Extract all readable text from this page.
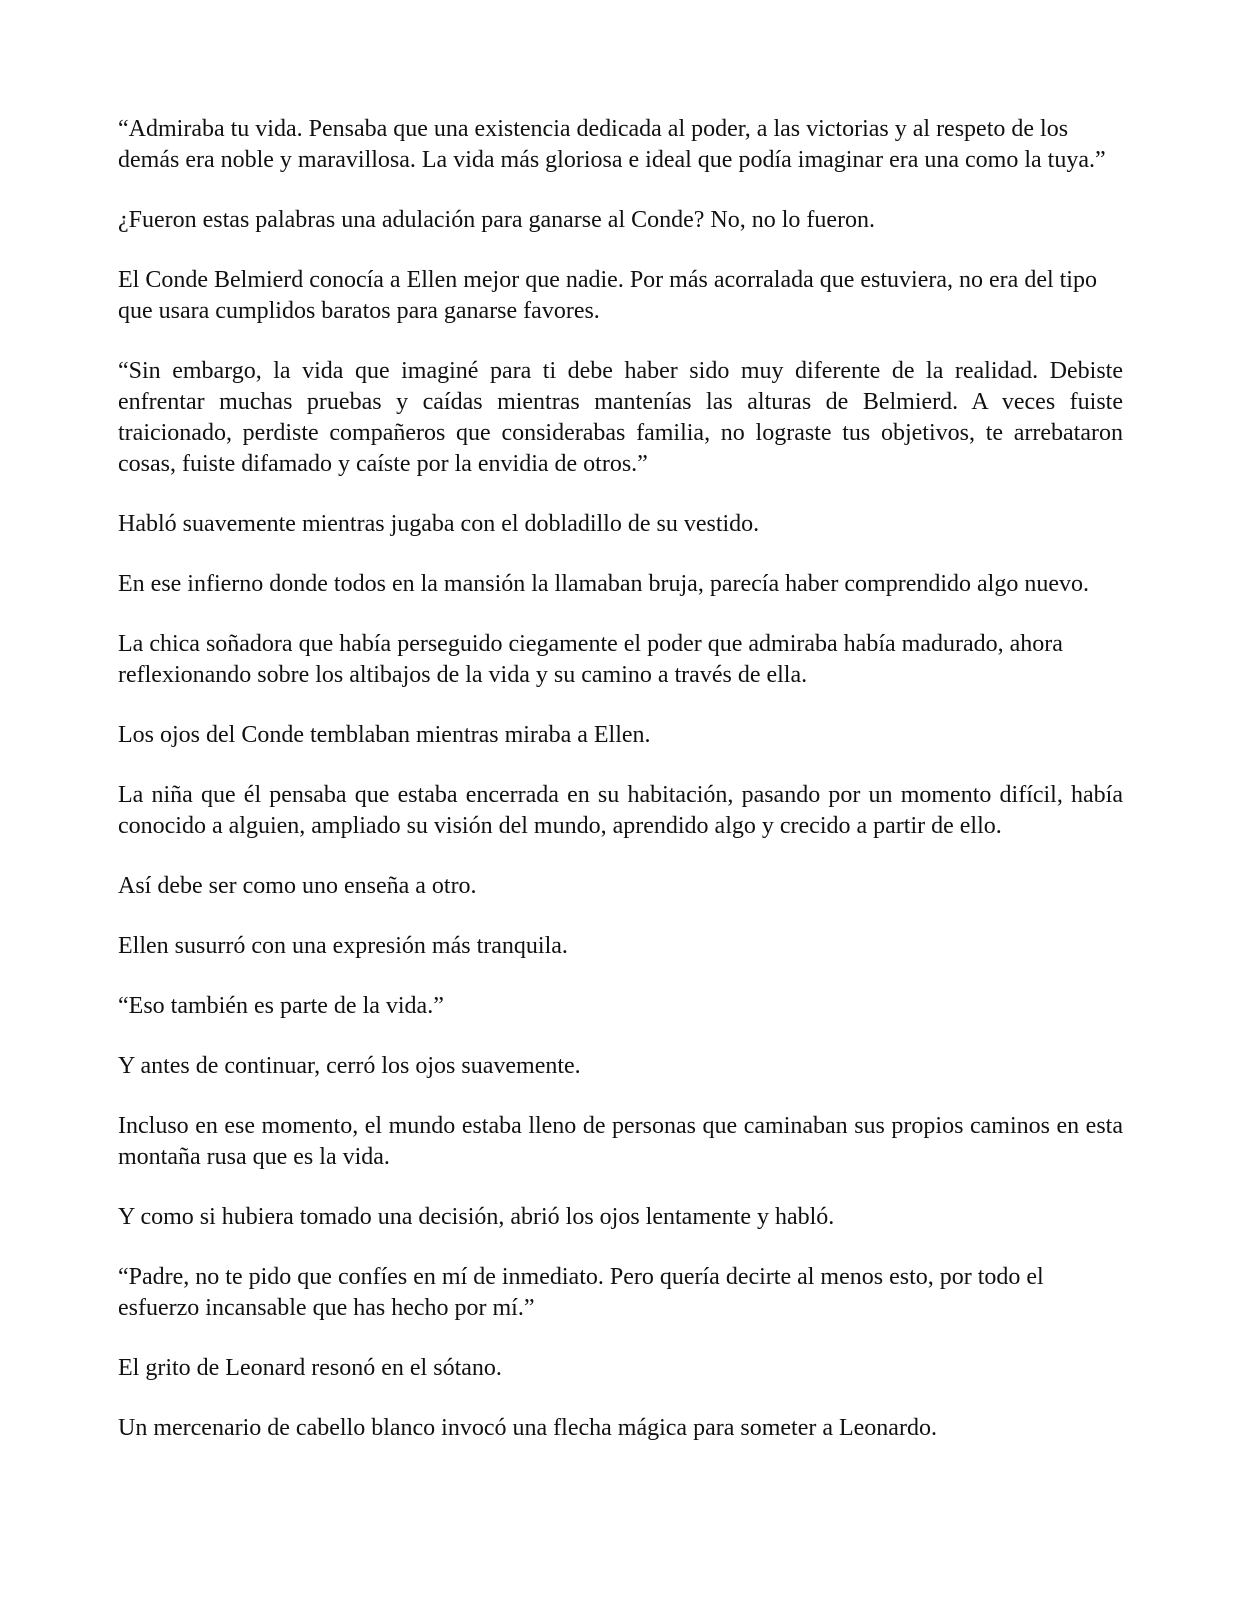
“Admiraba tu vida. Pensaba que una existencia dedicada al poder, a las victorias y al respeto de los demás era noble y maravillosa. La vida más gloriosa e ideal que podía imaginar era una como la tuya.”

¿Fueron estas palabras una adulación para ganarse al Conde? No, no lo fueron.

El Conde Belmierd conocía a Ellen mejor que nadie. Por más acorralada que estuviera, no era del tipo que usara cumplidos baratos para ganarse favores.

“Sin embargo, la vida que imaginé para ti debe haber sido muy diferente de la realidad. Debiste enfrentar muchas pruebas y caídas mientras mantenías las alturas de Belmierd. A veces fuiste traicionado, perdiste compañeros que considerabas familia, no lograste tus objetivos, te arrebataron cosas, fuiste difamado y caíste por la envidia de otros.”

Habló suavemente mientras jugaba con el dobladillo de su vestido.

En ese infierno donde todos en la mansión la llamaban bruja, parecía haber comprendido algo nuevo.

La chica soñadora que había perseguido ciegamente el poder que admiraba había madurado, ahora reflexionando sobre los altibajos de la vida y su camino a través de ella.

Los ojos del Conde temblaban mientras miraba a Ellen.

La niña que él pensaba que estaba encerrada en su habitación, pasando por un momento difícil, había conocido a alguien, ampliado su visión del mundo, aprendido algo y crecido a partir de ello.

Así debe ser como uno enseña a otro.

Ellen susurró con una expresión más tranquila.

“Eso también es parte de la vida.”

Y antes de continuar, cerró los ojos suavemente.

Incluso en ese momento, el mundo estaba lleno de personas que caminaban sus propios caminos en esta montaña rusa que es la vida.

Y como si hubiera tomado una decisión, abrió los ojos lentamente y habló.

“Padre, no te pido que confíes en mí de inmediato. Pero quería decirte al menos esto, por todo el esfuerzo incansable que has hecho por mí.”

El grito de Leonard resonó en el sótano.

Un mercenario de cabello blanco invocó una flecha mágica para someter a Leonardo.
